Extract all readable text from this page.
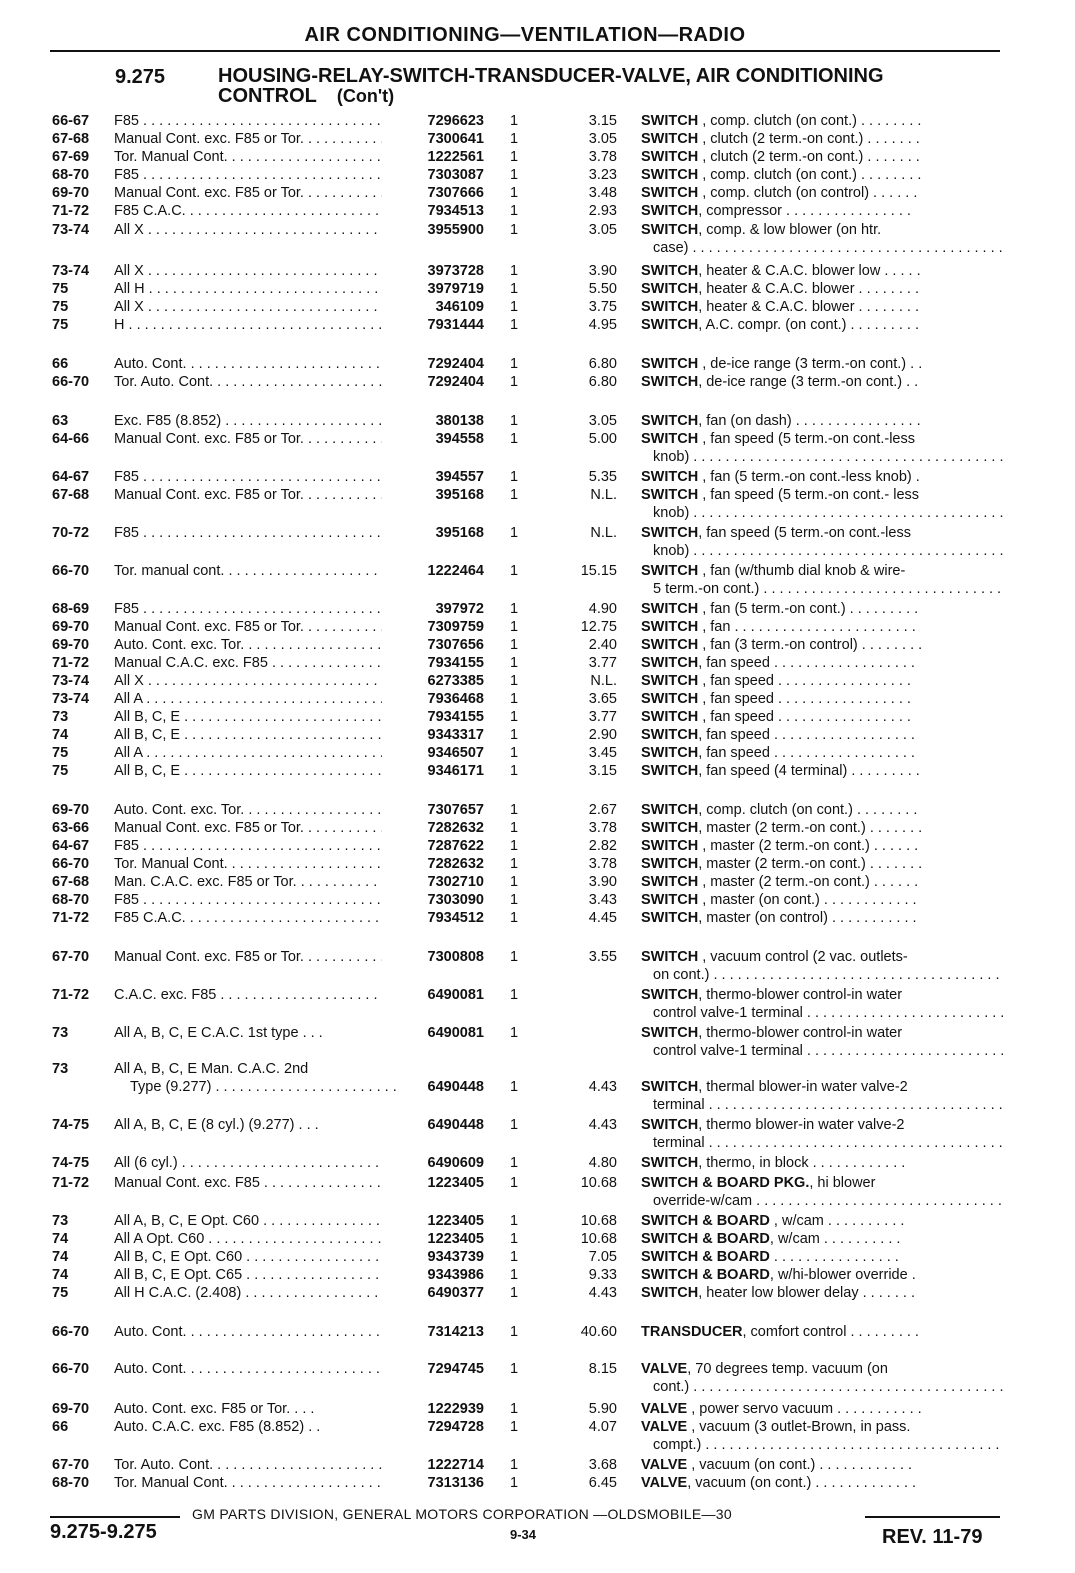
AIR CONDITIONING—VENTILATION—RADIO
9.275	HOUSING-RELAY-SWITCH-TRANSDUCER-VALVE, AIR CONDITIONING
CONTROL (Con't)
66-67 F85 . . .	7296623 1	3.15 SWITCH , comp. clutch (on cont.) . . . . . . . .
67-68 Manual Cont. exc. F85 or Tor. . . .	7300641 1	3.05 SWITCH , clutch (2 term.-on cont.) . . . . . . .
67-69 Tor. Manual Cont. . . .	1222561 1	3.78 SWITCH , clutch (2 term.-on cont.) . . . . . . .
68-70 F85 . . .	7303087 1	3.23 SWITCH , comp. clutch (on cont.) . . . . . . . .
69-70 Manual Cont. exc. F85 or Tor. . . .	7307666 1	3.48 SWITCH , comp. clutch (on control) . . . . . .
71-72 F85 C.A.C. . . .	7934513 1	2.93 SWITCH, compressor . . . . . . . . . . . . . . . .
73-74 All X . . .	3955900 1	3.05 SWITCH, comp. & low blower (on htr.
case) . . .
73-74 All X . . .	3973728 1	3.90 SWITCH, heater & C.A.C. blower low . . . . .
75	All H . . .	3979719 1	5.50 SWITCH, heater & C.A.C. blower . . . . . . . .
75	All X . . .	346109 1	3.75 SWITCH, heater & C.A.C. blower . . . . . . . .
75	H . . .	7931444 1	4.95 SWITCH, A.C. compr. (on cont.) . . . . . . . . .
66	Auto. Cont. . . .	7292404 1	6.80 SWITCH , de-ice range (3 term.-on cont.) . .
66-70 Tor. Auto. Cont. . . .	7292404 1	6.80 SWITCH, de-ice range (3 term.-on cont.) . .
63	Exc. F85 (8.852) . . .	380138 1	3.05 SWITCH, fan (on dash) . . . . . . . . . . . . . . . .
64-66 Manual Cont. exc. F85 or Tor. . . .	394558 1	5.00 SWITCH , fan speed (5 term.-on cont.-less
knob) . . .
64-67 F85 . . .	394557 1	5.35 SWITCH , fan (5 term.-on cont.-less knob) .
67-68 Manual Cont. exc. F85 or Tor. . . .	395168 1	N.L. SWITCH , fan speed (5 term.-on cont.- less
knob) . . .
70-72 F85 . . .	395168 1	N.L. SWITCH, fan speed (5 term.-on cont.-less
knob) . . .
66-70 Tor. manual cont. . . .	1222464 1	15.15 SWITCH , fan (w/thumb dial knob & wire-
5 term.-on cont.) . . .
68-69 F85 . . .	397972 1	4.90 SWITCH , fan (5 term.-on cont.) . . . . . . . . .
69-70 Manual Cont. exc. F85 or Tor. . . .	7309759 1	12.75 SWITCH , fan . . . . . . . . . . . . . . . . . . . . . . .
69-70 Auto. Cont. exc. Tor. . . .	7307656 1	2.40 SWITCH , fan (3 term.-on control) . . . . . . . .
71-72 Manual C.A.C. exc. F85 . . .	7934155 1	3.77 SWITCH, fan speed . . . . . . . . . . . . . . . . . .
73-74 All X . . .	6273385 1	N.L. SWITCH , fan speed . . . . . . . . . . . . . . . . .
73-74 All A . . .	7936468 1	3.65 SWITCH , fan speed . . . . . . . . . . . . . . . . .
73	All B, C, E . . .	7934155 1	3.77 SWITCH , fan speed . . . . . . . . . . . . . . . . .
74	All B, C, E . . .	9343317 1	2.90 SWITCH, fan speed . . . . . . . . . . . . . . . . . .
75	All A . . .	9346507 1	3.45 SWITCH, fan speed . . . . . . . . . . . . . . . . . .
75	All B, C, E . . .	9346171 1	3.15 SWITCH, fan speed (4 terminal) . . . . . . . . .
69-70 Auto. Cont. exc. Tor. . . .	7307657 1	2.67 SWITCH, comp. clutch (on cont.) . . . . . . . .
63-66 Manual Cont. exc. F85 or Tor. . . .	7282632 1	3.78 SWITCH, master (2 term.-on cont.) . . . . . . .
64-67 F85 . . .	7287622 1	2.82 SWITCH , master (2 term.-on cont.) . . . . . .
66-70 Tor. Manual Cont. . . .	7282632 1	3.78 SWITCH, master (2 term.-on cont.) . . . . . . .
67-68 Man. C.A.C. exc. F85 or Tor. . . .	7302710 1	3.90 SWITCH , master (2 term.-on cont.) . . . . . .
68-70 F85 . . .	7303090 1	3.43 SWITCH , master (on cont.) . . . . . . . . . . . .
71-72 F85 C.A.C. . . .	7934512 1	4.45 SWITCH, master (on control) . . . . . . . . . . .
67-70 Manual Cont. exc. F85 or Tor. . . .	7300808 1	3.55 SWITCH , vacuum control (2 vac. outlets-
on cont.) . . .
71-72 C.A.C. exc. F85 . . .	6490081 1	SWITCH, thermo-blower control-in water
control valve-1 terminal . . .
73	All A, B, C, E C.A.C. 1st type . . .	6490081 1	SWITCH, thermo-blower control-in water
control valve-1 terminal . . .
73	All A, B, C, E Man. C.A.C. 2nd
Type (9.277) . . .	6490448 1	4.43 SWITCH, thermal blower-in water valve-2
terminal . . .
74-75 All A, B, C, E (8 cyl.) (9.277) . . .	6490448 1	4.43 SWITCH, thermo blower-in water valve-2
terminal . . .
74-75 All (6 cyl.) . . .	6490609 1	4.80 SWITCH, thermo, in block . . . . . . . . . . . .
71-72 Manual Cont. exc. F85 . . .	1223405 1	10.68 SWITCH & BOARD PKG., hi blower
override-w/cam . . .
73	All A, B, C, E Opt. C60 . . .	1223405 1	10.68 SWITCH & BOARD , w/cam . . . . . . . . . .
74	All A Opt. C60 . . .	1223405 1	10.68 SWITCH & BOARD, w/cam . . . . . . . . . .
74	All B, C, E Opt. C60 . . .	9343739 1	7.05 SWITCH & BOARD . . . . . . . . . . . . . . . .
74	All B, C, E Opt. C65 . . .	9343986 1	9.33 SWITCH & BOARD, w/hi-blower override .
75	All H C.A.C. (2.408) . . .	6490377 1	4.43 SWITCH, heater low blower delay . . . . . . .
66-70 Auto. Cont. . . .	7314213 1	40.60 TRANSDUCER, comfort control . . . . . . . . .
66-70 Auto. Cont. . . .	7294745 1	8.15 VALVE, 70 degrees temp. vacuum (on
cont.) . . .
69-70 Auto. Cont. exc. F85 or Tor. . . .	1222939 1	5.90 VALVE , power servo vacuum . . . . . . . . . . .
66	Auto. C.A.C. exc. F85 (8.852) . .	7294728 1	4.07 VALVE , vacuum (3 outlet-Brown, in pass.
compt.) . . .
67-70 Tor. Auto. Cont. . . .	1222714 1	3.68 VALVE , vacuum (on cont.) . . . . . . . . . . . .
68-70 Tor. Manual Cont. . . .	7313136 1	6.45 VALVE, vacuum (on cont.) . . . . . . . . . . . . .
GM PARTS DIVISION, GENERAL MOTORS CORPORATION —OLDSMOBILE—30
9.275-9.275	9-34	REV. 11-79
